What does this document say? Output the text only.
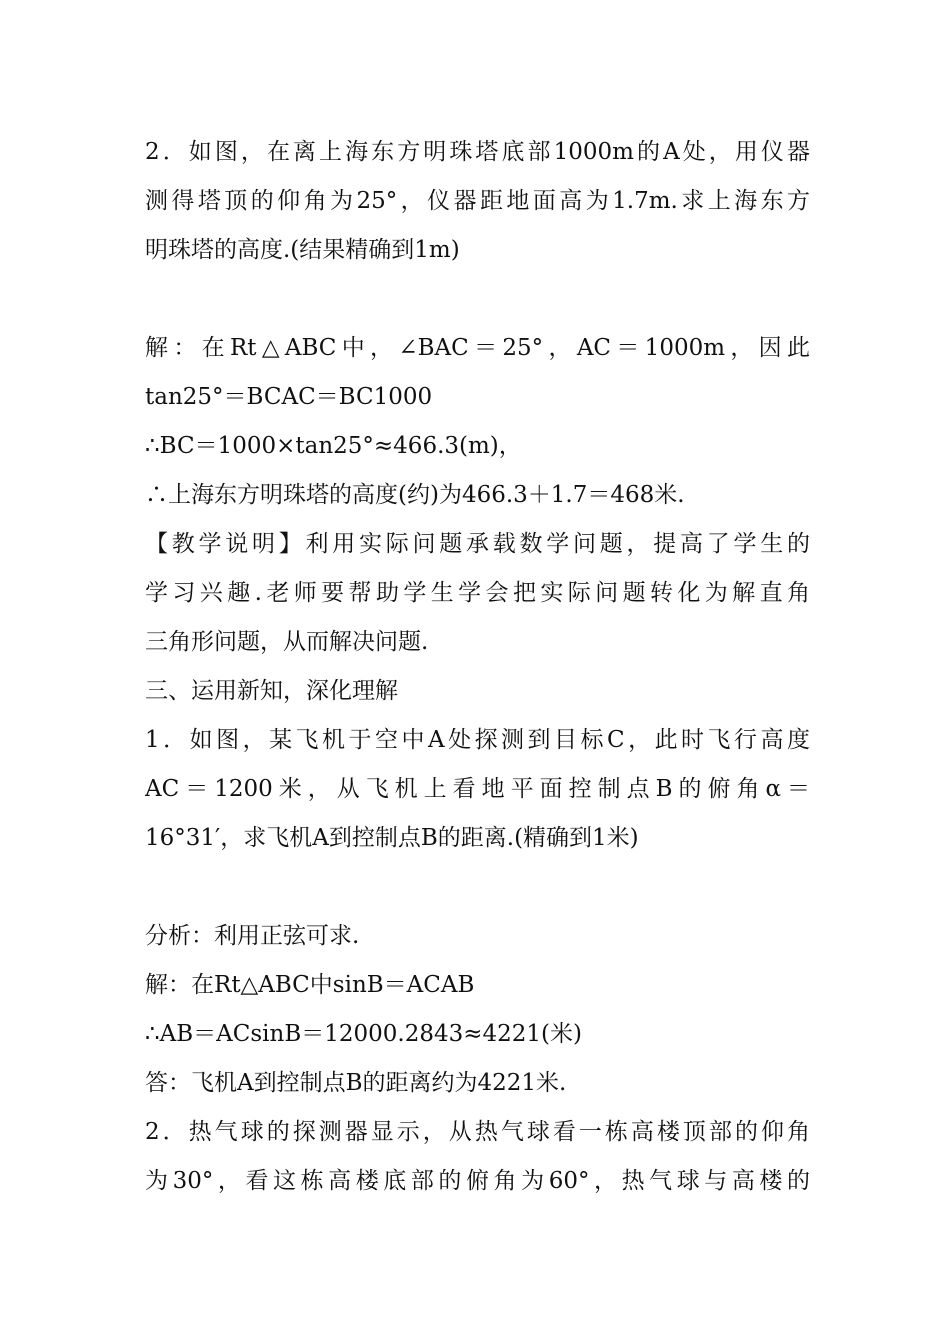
2．如图，在离上海东方明珠塔底部1000m的A处，用仪器
测得塔顶的仰角为25°，仪器距地面高为1.7m.求上海东方
明珠塔的高度.(结果精确到1m)
解：在Rt△ABC中，∠BAC＝25°，AC＝1000m，因此
tan25°＝BCAC＝BC1000
∴BC＝1000×tan25°≈466.3(m)，
∴上海东方明珠塔的高度(约)为466.3＋1.7＝468米.
【教学说明】利用实际问题承载数学问题，提高了学生的
学习兴趣.老师要帮助学生学会把实际问题转化为解直角
三角形问题，从而解决问题.
三、运用新知，深化理解
1．如图，某飞机于空中A处探测到目标C，此时飞行高度
AC＝1200米，从飞机上看地平面控制点B的俯角α＝
16°31′，求飞机A到控制点B的距离.(精确到1米)
分析：利用正弦可求.
解：在Rt△ABC中sinB＝ACAB
∴AB＝ACsinB＝12000.2843≈4221(米)
答：飞机A到控制点B的距离约为4221米.
2．热气球的探测器显示，从热气球看一栋高楼顶部的仰角
为30°，看这栋高楼底部的俯角为60°，热气球与高楼的
